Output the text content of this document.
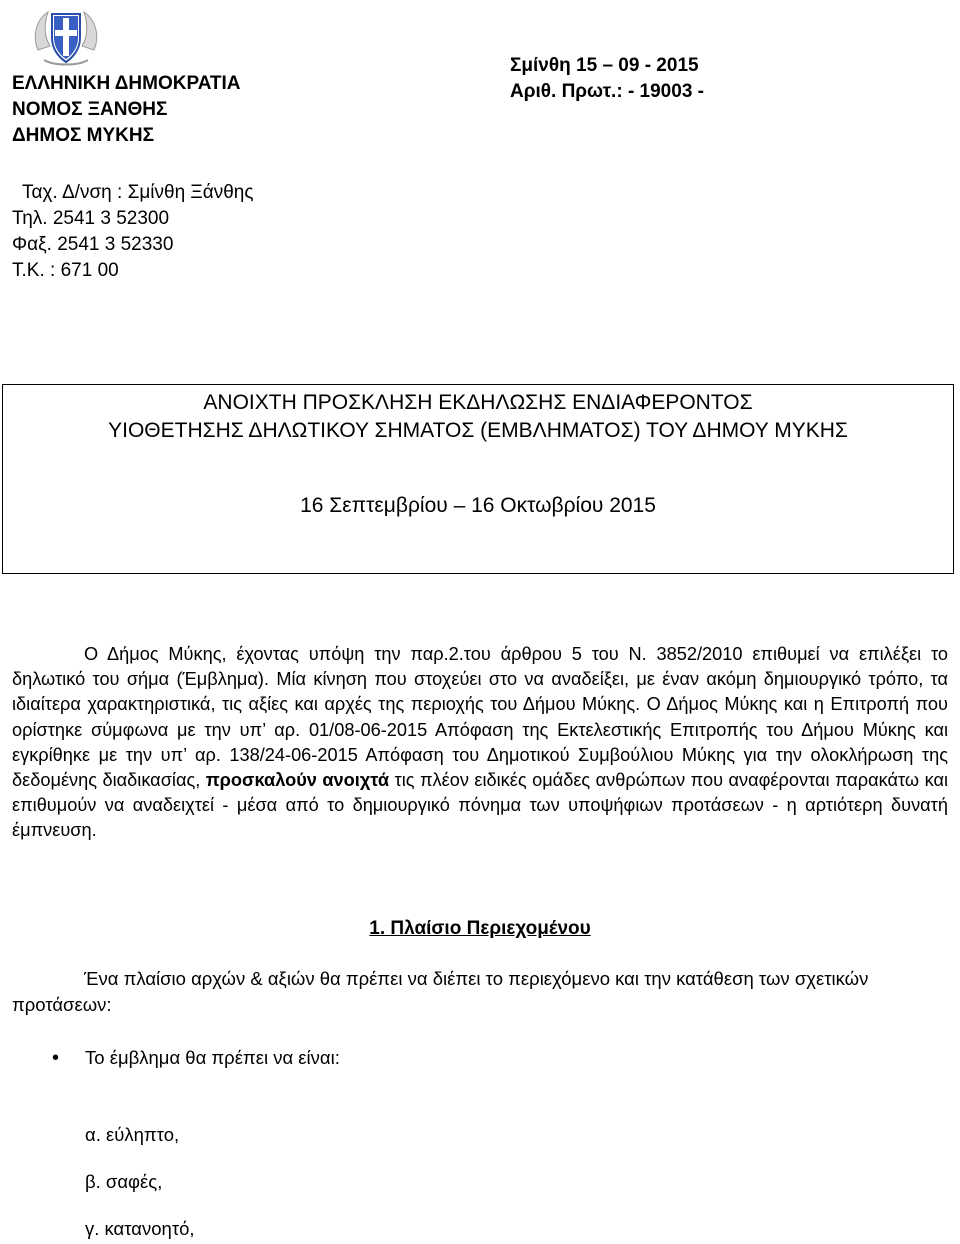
ΕΛΛΗΝΙΚΗ ΔΗΜΟΚΡΑΤΙΑ
ΝΟΜΟΣ ΞΑΝΘΗΣ
ΔΗΜΟΣ ΜΥΚΗΣ
Σμίνθη 15 – 09 - 2015
Αριθ. Πρωτ.: - 19003 -
Ταχ. Δ/νση : Σμίνθη Ξάνθης
Τηλ. 2541 3 52300
Φαξ. 2541 3 52330
Τ.Κ. : 671 00
ΑΝΟΙΧΤΗ ΠΡΟΣΚΛΗΣΗ ΕΚΔΗΛΩΣΗΣ ΕΝΔΙΑΦΕΡΟΝΤΟΣ
ΥΙΟΘΕΤΗΣΗΣ ΔΗΛΩΤΙΚΟΥ ΣΗΜΑΤΟΣ (ΕΜΒΛΗΜΑΤΟΣ) ΤΟΥ ΔΗΜΟΥ ΜΥΚΗΣ
16 Σεπτεμβρίου – 16 Οκτωβρίου 2015

Ο Δήμος Μύκης, έχοντας υπόψη την παρ.2.του άρθρου 5 του Ν. 3852/2010 επιθυμεί να επιλέξει το δηλωτικό του σήμα (Έμβλημα). Μία κίνηση που στοχεύει στο να αναδείξει, με έναν ακόμη δημιουργικό τρόπο, τα ιδιαίτερα χαρακτηριστικά, τις αξίες και αρχές της περιοχής του Δήμου Μύκης. Ο Δήμος Μύκης και η Επιτροπή που ορίστηκε σύμφωνα με την υπ’ αρ. 01/08-06-2015 Απόφαση της Εκτελεστικής Επιτροπής του Δήμου Μύκης και εγκρίθηκε με την υπ’ αρ. 138/24-06-2015 Απόφαση του Δημοτικού Συμβούλιου Μύκης για την ολοκλήρωση της δεδομένης διαδικασίας, προσκαλούν ανοιχτά τις πλέον ειδικές ομάδες ανθρώπων που αναφέρονται παρακάτω και επιθυμούν να αναδειχτεί - μέσα από το δημιουργικό πόνημα των υποψήφιων προτάσεων - η αρτιότερη δυνατή έμπνευση.

1. Πλαίσιο Περιεχομένου

Ένα πλαίσιο αρχών & αξιών θα πρέπει να διέπει το περιεχόμενο και την κατάθεση των σχετικών προτάσεων:

• Το έμβλημα θα πρέπει να είναι:
α. εύληπτο,
β. σαφές,
γ. κατανοητό,
